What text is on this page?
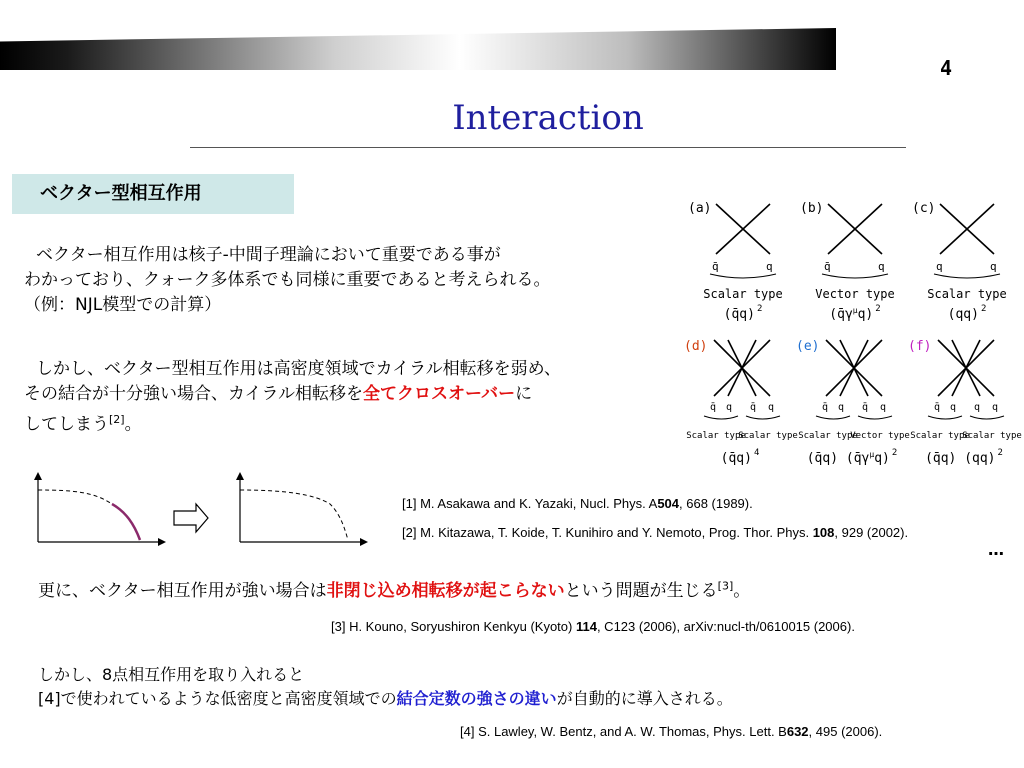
4
Interaction
ベクター型相互作用
ベクター相互作用は核子-中間子理論において重要である事が
わかっており、クォーク多体系でも同様に重要であると考えられる。
（例：NJL模型での計算）
しかし、ベクター型相互作用は高密度領域でカイラル相転移を弱め、
その結合が十分強い場合、カイラル相転移を全てクロスオーバーに
してしまう[2]。
(a)
q̄	q
Scalar type
(q̄q) $^2$
(b)
q̄	q
Vector type
$(q̄\gamma^\mu q)$ $^2$
(c)
q	q
Scalar type
(qq) $^2$
(d)
q̄ q q̄ q
Scalar type
Scalar type
(q̄q) $^4$
(e)
q̄ q q̄ q
Scalar type
Vector type
(q̄q) $(q̄\gamma^\mu q)$ $^2$
(f)
q̄ q q q
Scalar type
Scalar type
(q̄q) (qq) $^2$
[1] M. Asakawa and K. Yazaki, Nucl. Phys. A504, 668 (1989).
[2] M. Kitazawa, T. Koide, T. Kunihiro and Y. Nemoto, Prog. Thor. Phys. 108, 929 (2002).
…
更に、ベクター相互作用が強い場合は非閉じ込め相転移が起こらないという問題が生じる[3]。
[3] H. Kouno, Soryushiron Kenkyu (Kyoto) 114, C123 (2006), arXiv:nucl-th/0610015 (2006).
しかし、8点相互作用を取り入れると
[4]で使われているような低密度と高密度領域での結合定数の強さの違いが自動的に導入される。
[4] S. Lawley, W. Bentz, and A. W. Thomas, Phys. Lett. B632, 495 (2006).
